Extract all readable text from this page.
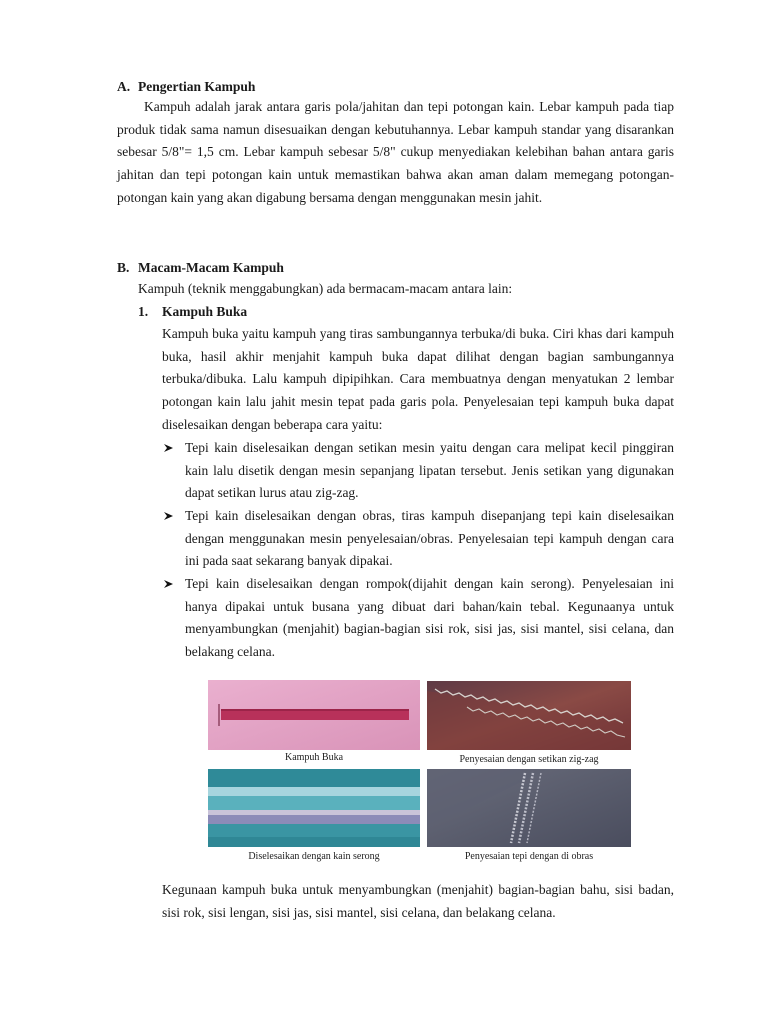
A. Pengertian Kampuh
Kampuh adalah jarak antara garis pola/jahitan dan tepi potongan kain. Lebar kampuh pada tiap produk tidak sama namun disesuaikan dengan kebutuhannya. Lebar kampuh standar yang disarankan sebesar 5/8"= 1,5 cm. Lebar kampuh sebesar 5/8" cukup menyediakan kelebihan bahan antara garis jahitan dan tepi potongan kain untuk memastikan bahwa akan aman dalam memegang potongan-potongan kain yang akan digabung bersama dengan menggunakan mesin jahit.
B. Macam-Macam Kampuh
Kampuh (teknik menggabungkan) ada bermacam-macam antara lain:
1. Kampuh Buka
Kampuh buka yaitu kampuh yang tiras sambungannya terbuka/di buka. Ciri khas dari kampuh buka, hasil akhir menjahit kampuh buka dapat dilihat dengan bagian sambungannya terbuka/dibuka. Lalu kampuh dipipihkan. Cara membuatnya dengan menyatukan 2 lembar potongan kain lalu jahit mesin tepat pada garis pola. Penyelesaian tepi kampuh buka dapat diselesaikan dengan beberapa cara yaitu:
Tepi kain diselesaikan dengan setikan mesin yaitu dengan cara melipat kecil pinggiran kain lalu disetik dengan mesin sepanjang lipatan tersebut. Jenis setikan yang digunakan dapat setikan lurus atau zig-zag.
Tepi kain diselesaikan dengan obras, tiras kampuh disepanjang tepi kain diselesaikan dengan menggunakan mesin penyelesaian/obras. Penyelesaian tepi kampuh dengan cara ini pada saat sekarang banyak dipakai.
Tepi kain diselesaikan dengan rompok(dijahit dengan kain serong). Penyelesaian ini hanya dipakai untuk busana yang dibuat dari bahan/kain tebal. Kegunaanya untuk menyambungkan (menjahit) bagian-bagian sisi rok, sisi jas, sisi mantel, sisi celana, dan belakang celana.
Kampuh Buka	Penyesaian dengan setikan zig-zag
Diselesaikan dengan kain serong	Penyesaian tepi dengan di obras
Kegunaan kampuh buka untuk menyambungkan (menjahit) bagian-bagian bahu, sisi badan, sisi rok, sisi lengan, sisi jas, sisi mantel, sisi celana, dan belakang celana.
